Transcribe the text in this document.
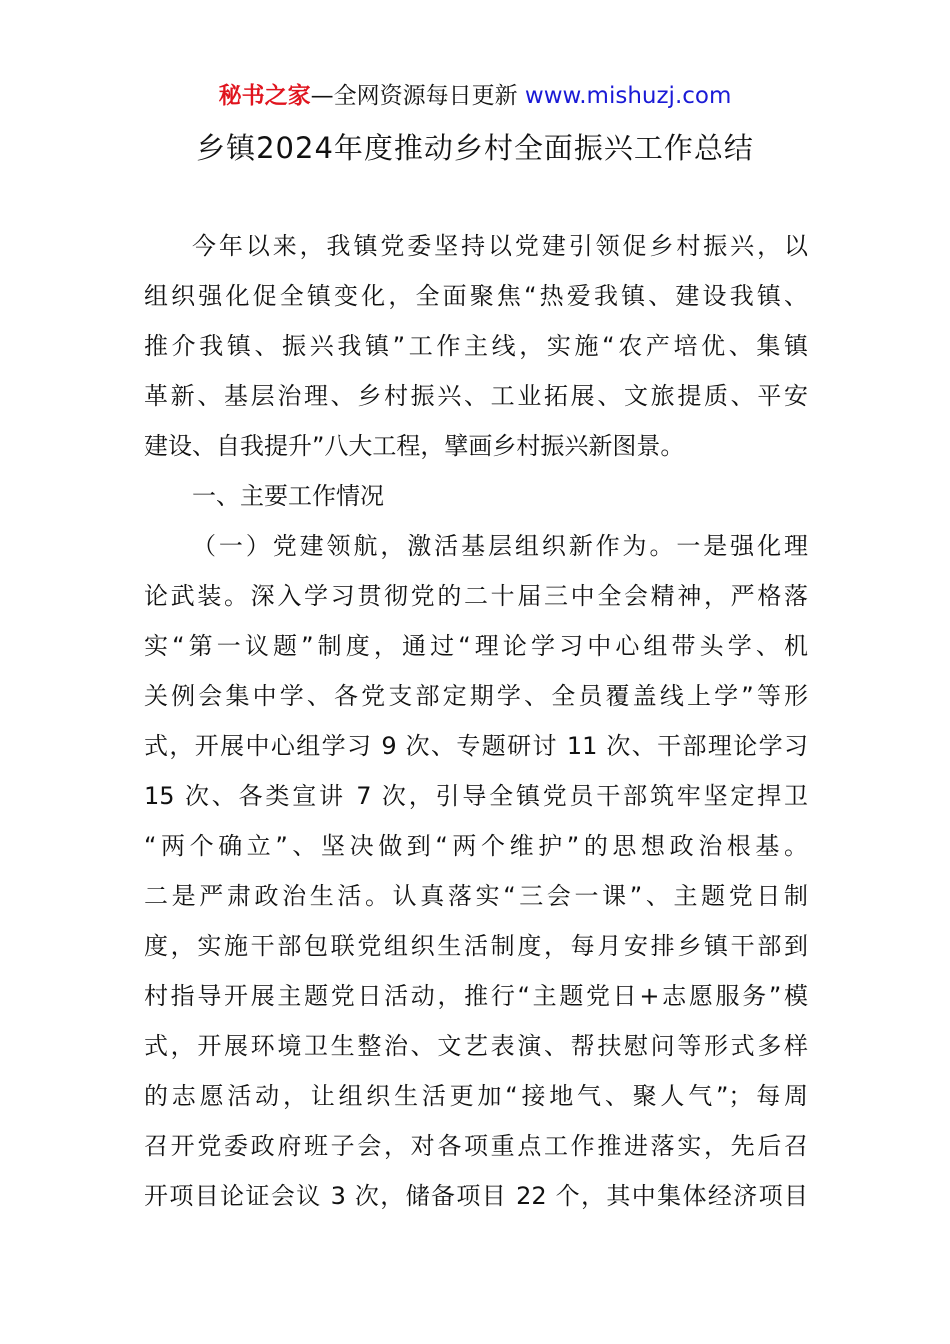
秘书之家—全网资源每日更新 www.mishuzj.com
乡镇2024年度推动乡村全面振兴工作总结
今年以来，我镇党委坚持以党建引领促乡村振兴，以
组织强化促全镇变化，全面聚焦“热爱我镇、建设我镇、
推介我镇、振兴我镇”工作主线，实施“农产培优、集镇
革新、基层治理、乡村振兴、工业拓展、文旅提质、平安
建设、自我提升”八大工程，擘画乡村振兴新图景。
一、主要工作情况
（一）党建领航，激活基层组织新作为。一是强化理
论武装。深入学习贯彻党的二十届三中全会精神，严格落
实“第一议题”制度，通过“理论学习中心组带头学、机
关例会集中学、各党支部定期学、全员覆盖线上学”等形
式，开展中心组学习 9 次、专题研讨 11 次、干部理论学习
15 次、各类宣讲 7 次，引导全镇党员干部筑牢坚定捍卫
“两个确立”、坚决做到“两个维护”的思想政治根基。
二是严肃政治生活。认真落实“三会一课”、主题党日制
度，实施干部包联党组织生活制度，每月安排乡镇干部到
村指导开展主题党日活动，推行“主题党日+志愿服务”模
式，开展环境卫生整治、文艺表演、帮扶慰问等形式多样
的志愿活动，让组织生活更加“接地气、聚人气”；每周
召开党委政府班子会，对各项重点工作推进落实，先后召
开项目论证会议 3 次，储备项目 22 个，其中集体经济项目
